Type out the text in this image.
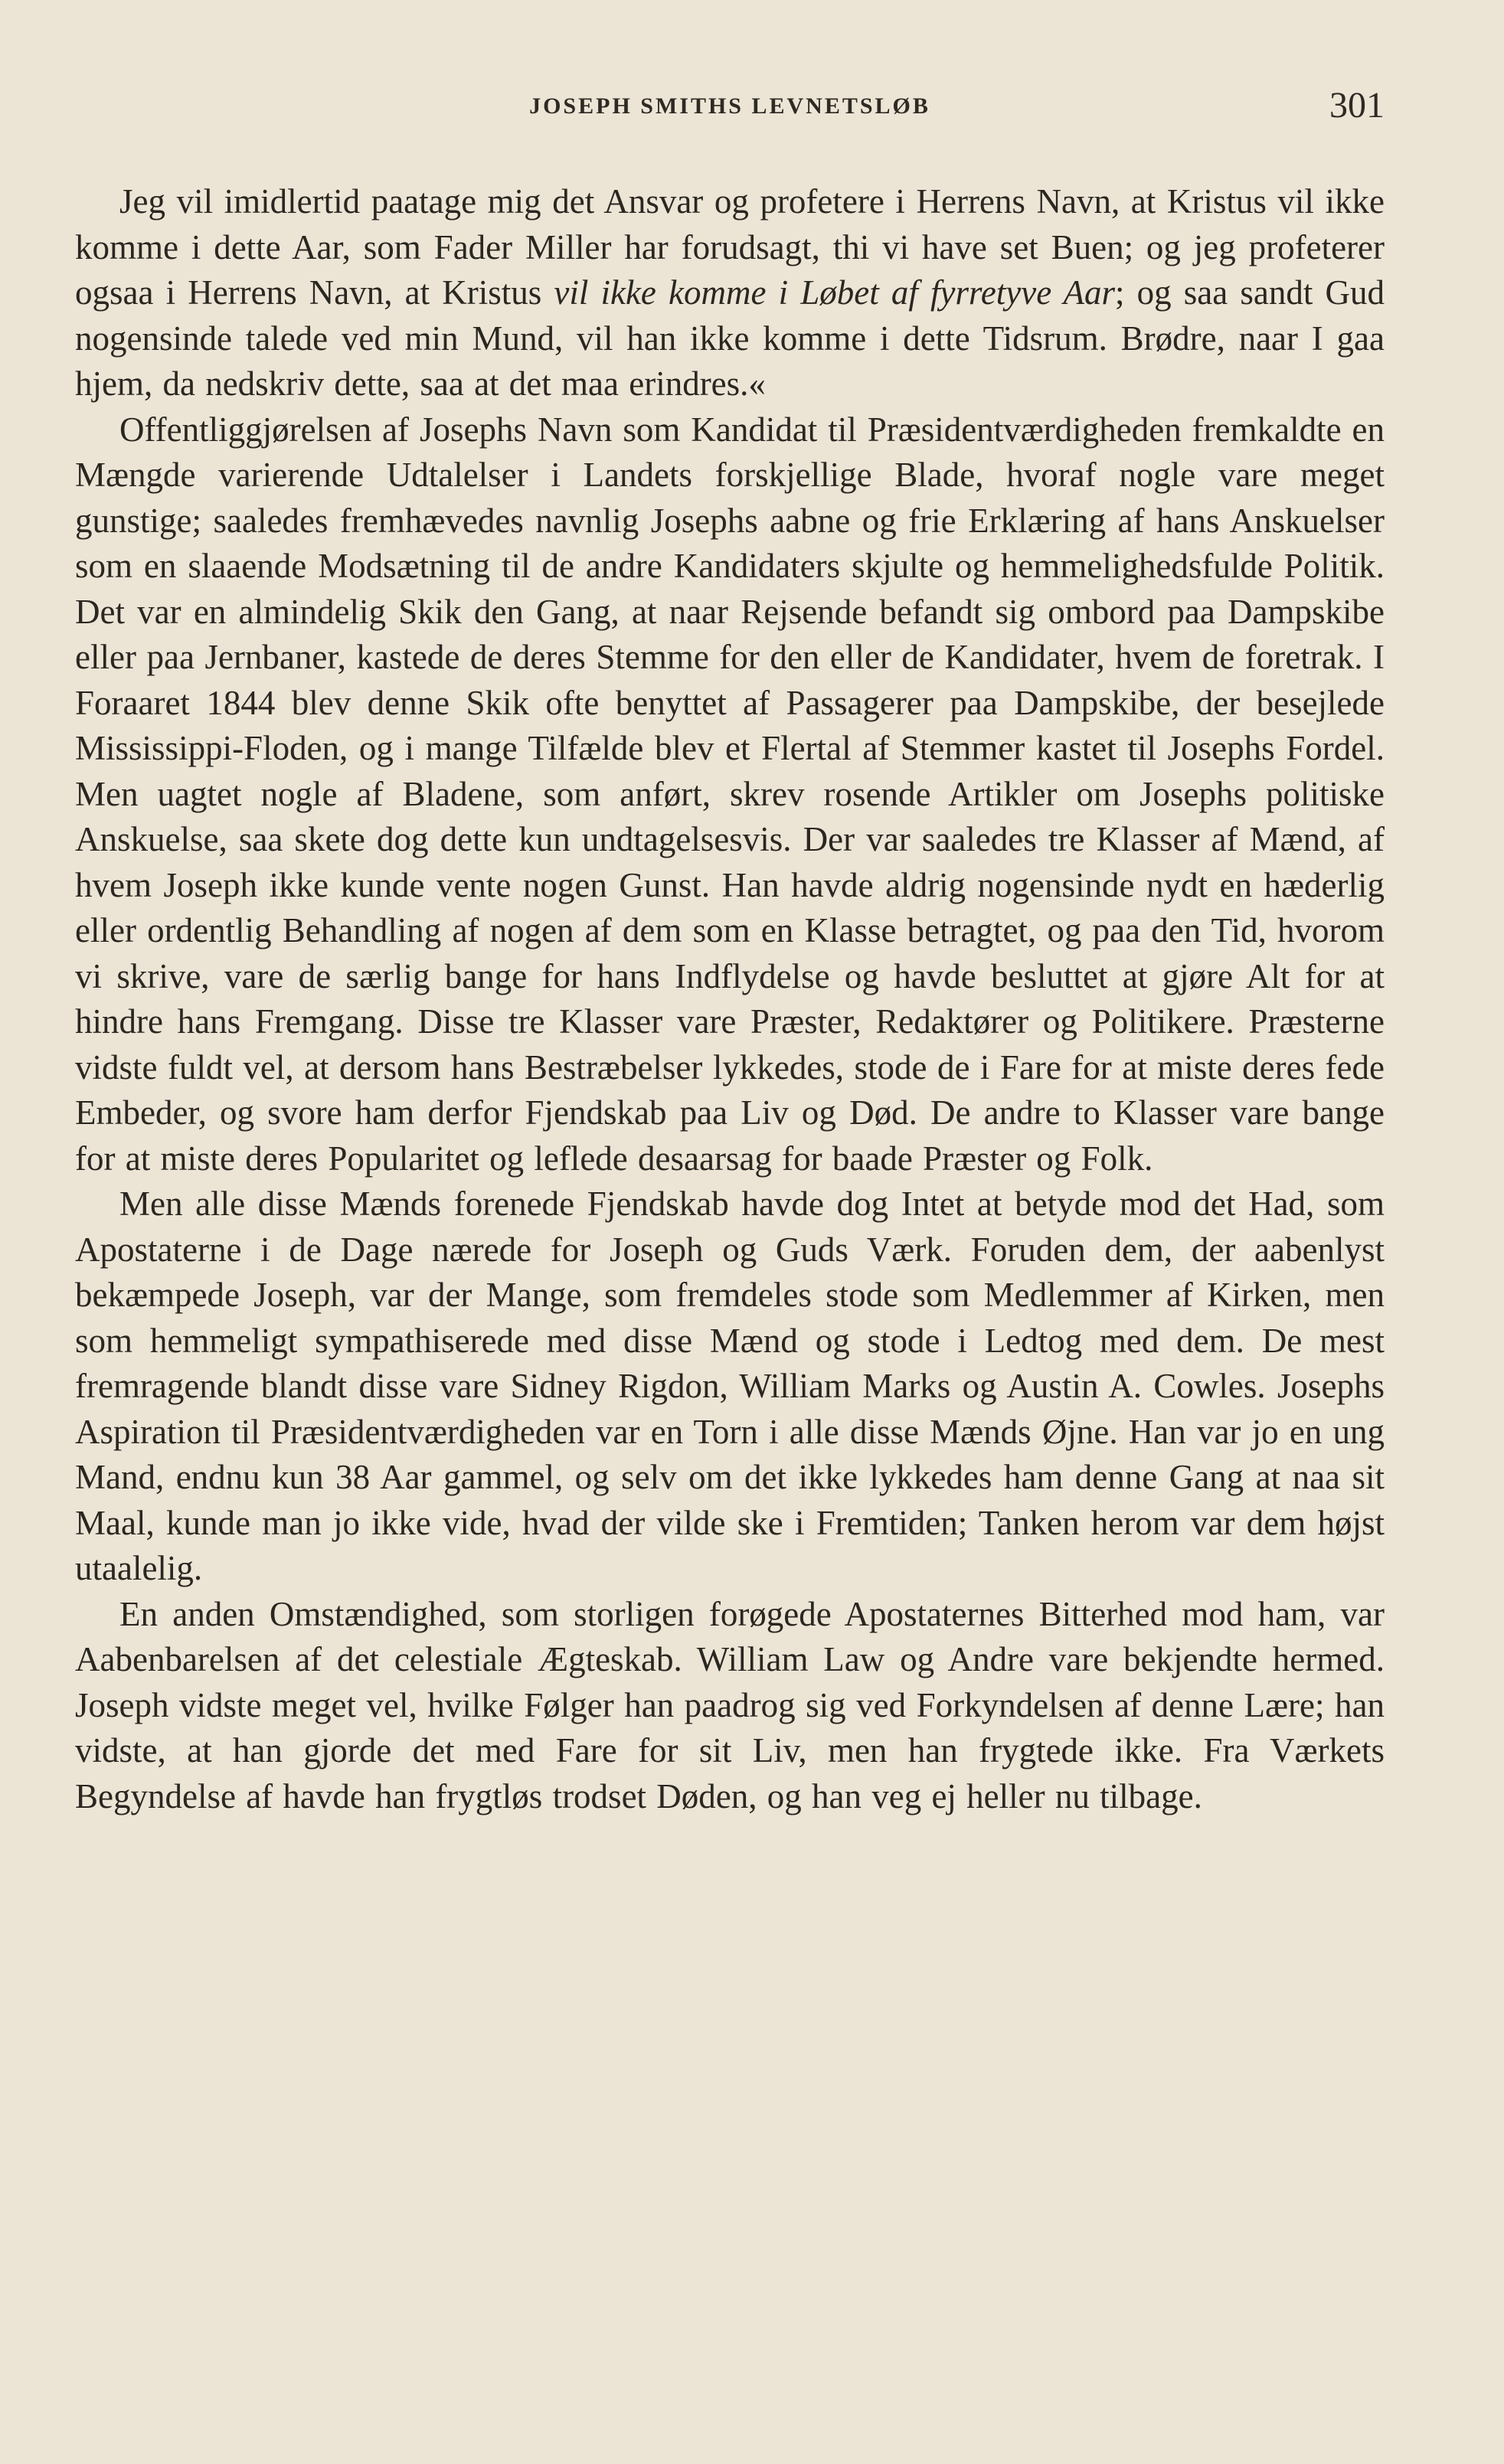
JOSEPH SMITHS LEVNETSLØB	301

Jeg vil imidlertid paatage mig det Ansvar og profetere i Herrens Navn, at Kristus vil ikke komme i dette Aar, som Fader Miller har forudsagt, thi vi have set Buen; og jeg profeterer ogsaa i Herrens Navn, at Kristus vil ikke komme i Løbet af fyrretyve Aar; og saa sandt Gud nogensinde talede ved min Mund, vil han ikke komme i dette Tidsrum. Brødre, naar I gaa hjem, da nedskriv dette, saa at det maa erindres.«

Offentliggjørelsen af Josephs Navn som Kandidat til Præsidentværdigheden fremkaldte en Mængde varierende Udtalelser i Landets forskjellige Blade, hvoraf nogle vare meget gunstige; saaledes fremhævedes navnlig Josephs aabne og frie Erklæring af hans Anskuelser som en slaaende Modsætning til de andre Kandidaters skjulte og hemmelighedsfulde Politik. Det var en almindelig Skik den Gang, at naar Rejsende befandt sig ombord paa Dampskibe eller paa Jernbaner, kastede de deres Stemme for den eller de Kandidater, hvem de foretrak. I Foraaret 1844 blev denne Skik ofte benyttet af Passagerer paa Dampskibe, der besejlede Mississippi-Floden, og i mange Tilfælde blev et Flertal af Stemmer kastet til Josephs Fordel. Men uagtet nogle af Bladene, som anført, skrev rosende Artikler om Josephs politiske Anskuelse, saa skete dog dette kun undtagelsesvis. Der var saaledes tre Klasser af Mænd, af hvem Joseph ikke kunde vente nogen Gunst. Han havde aldrig nogensinde nydt en hæderlig eller ordentlig Behandling af nogen af dem som en Klasse betragtet, og paa den Tid, hvorom vi skrive, vare de særlig bange for hans Indflydelse og havde besluttet at gjøre Alt for at hindre hans Fremgang. Disse tre Klasser vare Præster, Redaktører og Politikere. Præsterne vidste fuldt vel, at dersom hans Bestræbelser lykkedes, stode de i Fare for at miste deres fede Embeder, og svore ham derfor Fjendskab paa Liv og Død. De andre to Klasser vare bange for at miste deres Popularitet og leflede desaarsag for baade Præster og Folk.

Men alle disse Mænds forenede Fjendskab havde dog Intet at betyde mod det Had, som Apostaterne i de Dage nærede for Joseph og Guds Værk. Foruden dem, der aabenlyst bekæmpede Joseph, var der Mange, som fremdeles stode som Medlemmer af Kirken, men som hemmeligt sympathiserede med disse Mænd og stode i Ledtog med dem. De mest fremragende blandt disse vare Sidney Rigdon, William Marks og Austin A. Cowles. Josephs Aspiration til Præsidentværdigheden var en Torn i alle disse Mænds Øjne. Han var jo en ung Mand, endnu kun 38 Aar gammel, og selv om det ikke lykkedes ham denne Gang at naa sit Maal, kunde man jo ikke vide, hvad der vilde ske i Fremtiden; Tanken herom var dem højst utaalelig.

En anden Omstændighed, som storligen forøgede Apostaternes Bitterhed mod ham, var Aabenbarelsen af det celestiale Ægteskab. William Law og Andre vare bekjendte hermed. Joseph vidste meget vel, hvilke Følger han paadrog sig ved Forkyndelsen af denne Lære; han vidste, at han gjorde det med Fare for sit Liv, men han frygtede ikke. Fra Værkets Begyndelse af havde han frygtløs trodset Døden, og han veg ej heller nu tilbage.
